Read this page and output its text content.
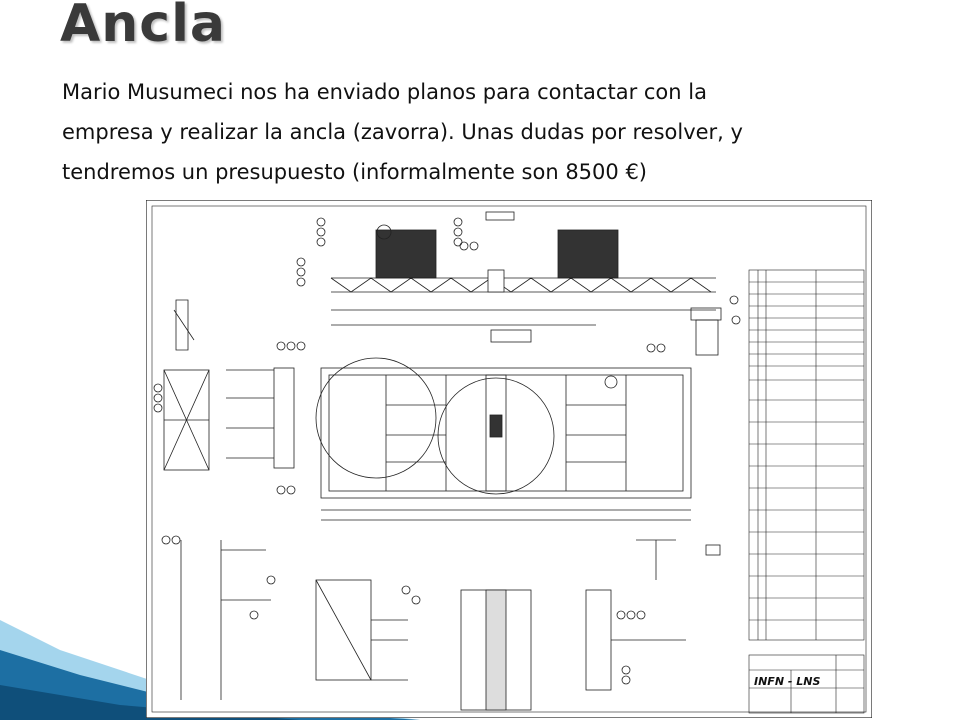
Ancla
Mario Musumeci nos ha enviado planos para contactar con la
empresa y realizar la ancla (zavorra). Unas dudas por resolver, y
tendremos un presupuesto (informalmente son 8500 €)
INFN - LNS
